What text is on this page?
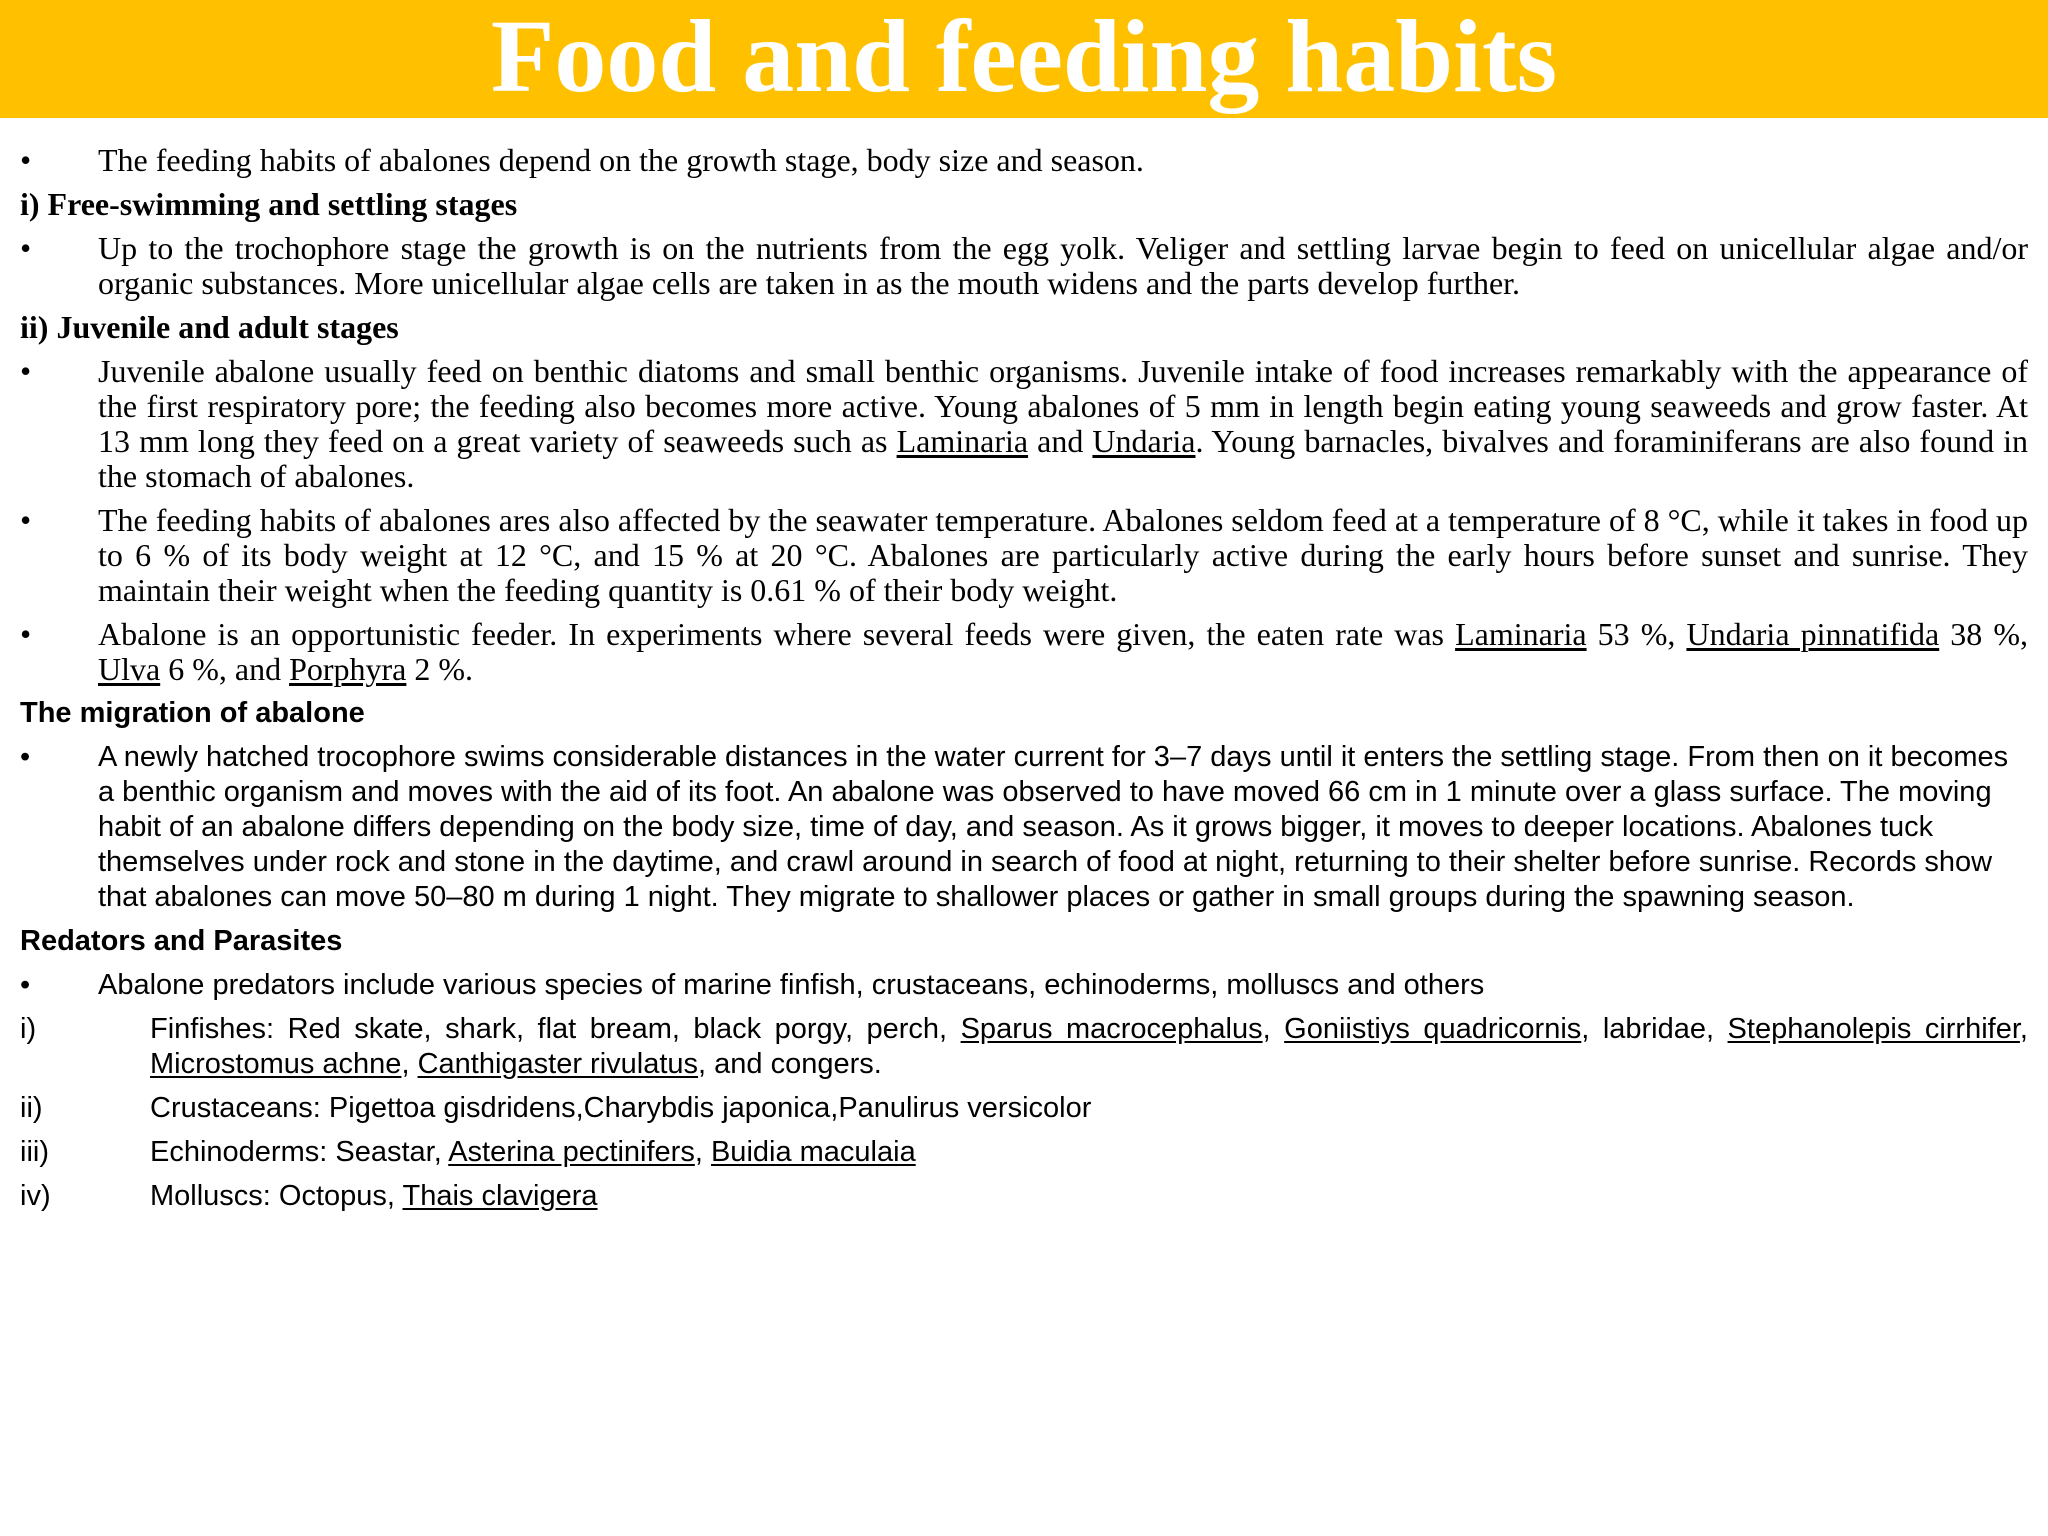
Food and feeding habits
• The feeding habits of abalones depend on the growth stage, body size and season.
i) Free-swimming and settling stages
• Up to the trochophore stage the growth is on the nutrients from the egg yolk. Veliger and settling larvae begin to feed on unicellular algae and/or organic substances. More unicellular algae cells are taken in as the mouth widens and the parts develop further.
ii) Juvenile and adult stages
• Juvenile abalone usually feed on benthic diatoms and small benthic organisms. Juvenile intake of food increases remarkably with the appearance of the first respiratory pore; the feeding also becomes more active. Young abalones of 5 mm in length begin eating young seaweeds and grow faster. At 13 mm long they feed on a great variety of seaweeds such as Laminaria and Undaria. Young barnacles, bivalves and foraminiferans are also found in the stomach of abalones.
• The feeding habits of abalones ares also affected by the seawater temperature. Abalones seldom feed at a temperature of 8 °C, while it takes in food up to 6 % of its body weight at 12 °C, and 15 % at 20 °C. Abalones are particularly active during the early hours before sunset and sunrise. They maintain their weight when the feeding quantity is 0.61 % of their body weight.
• Abalone is an opportunistic feeder. In experiments where several feeds were given, the eaten rate was Laminaria 53 %, Undaria pinnatifida 38 %, Ulva 6 %, and Porphyra 2 %.
The migration of abalone
• A newly hatched trocophore swims considerable distances in the water current for 3–7 days until it enters the settling stage. From then on it becomes a benthic organism and moves with the aid of its foot. An abalone was observed to have moved 66 cm in 1 minute over a glass surface. The moving habit of an abalone differs depending on the body size, time of day, and season. As it grows bigger, it moves to deeper locations. Abalones tuck themselves under rock and stone in the daytime, and crawl around in search of food at night, returning to their shelter before sunrise. Records show that abalones can move 50–80 m during 1 night. They migrate to shallower places or gather in small groups during the spawning season.
Redators and Parasites
• Abalone predators include various species of marine finfish, crustaceans, echinoderms, molluscs and others
i)	Finfishes: Red skate, shark, flat bream, black porgy, perch, Sparus macrocephalus, Goniistiys quadricornis, labridae, Stephanolepis cirrhifer, Microstomus achne, Canthigaster rivulatus, and congers.
ii)	Crustaceans: Pigettoa gisdridens,Charybdis japonica,Panulirus versicolor
iii)	Echinoderms: Seastar, Asterina pectinifers, Buidia maculaia
iv)	Molluscs: Octopus, Thais clavigera
